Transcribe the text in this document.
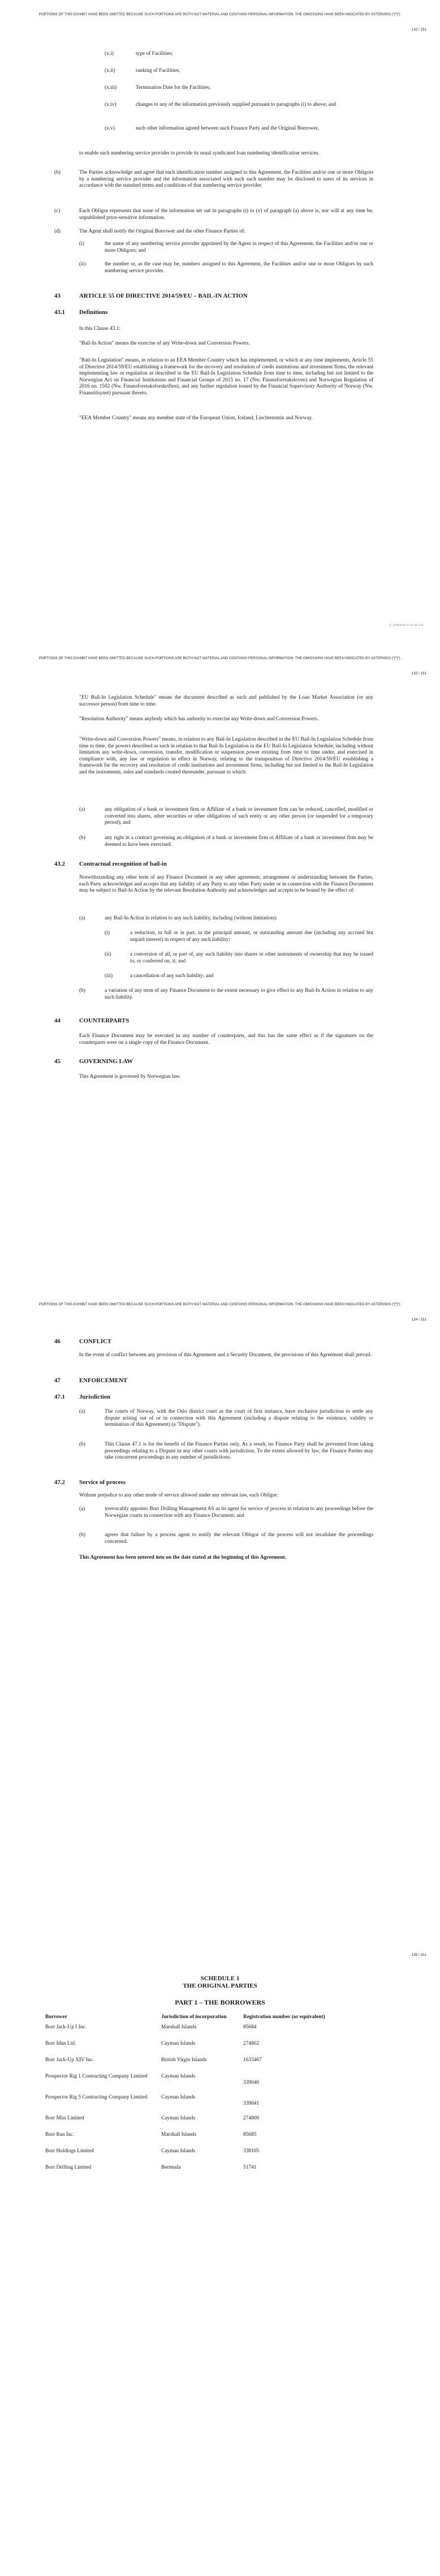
PORTIONS OF THIS EXHIBIT HAVE BEEN OMITTED BECAUSE SUCH PORTIONS ARE BOTH NOT MATERIAL AND CONTAINS PERSONAL INFORMATION. THE OMISSIONS HAVE BEEN INDICATED BY ASTERISKS ("[*]").
132 / 151

(x.i)	type of Facilities;

(x.ii)	ranking of Facilities;

(x.iii)	Termination Date for the Facilities;

(x.iv)	changes to any of the information previously supplied pursuant to paragraphs (i) to above; and

(x.v)	such other information agreed between such Finance Party and the Original Borrower,

to enable such numbering service provider to provide its usual syndicated loan numbering identification services.

(b)	The Parties acknowledge and agree that each identification number assigned to this Agreement, the Facilities and/or one or more Obligors by a numbering service provider and the information associated with each such number may be disclosed to users of its services in accordance with the standard terms and conditions of that numbering service provider.

(c)	Each Obligor represents that none of the information set out in paragraphs (i) to (v) of paragraph (a) above is, nor will at any time be, unpublished price-sensitive information.

(d)	The Agent shall notify the Original Borrower and the other Finance Parties of:

(i)	the name of any numbering service provider appointed by the Agent in respect of this Agreement, the Facilities and/or one or more Obligors; and

(ii)	the number or, as the case may be, numbers assigned to this Agreement, the Facilities and/or one or more Obligors by such numbering service provider.

43	ARTICLE 55 OF DIRECTIVE 2014/59/EU – BAIL-IN ACTION

43.1 Definitions

In this Clause 43.1:

"Bail-In Action" means the exercise of any Write-down and Conversion Powers.

"Bail-In Legislation" means, in relation to an EEA Member Country which has implemented, or which at any time implements, Article 55 of Directive 2014/59/EU establishing a framework for the recovery and resolution of credit institutions and investment firms, the relevant implementing law or regulation as described in the EU Bail-In Legislation Schedule from time to time, including but not limited to the Norwegian Act on Financial Institutions and Financial Groups of 2015 no. 17 (Nw. Finansforetaksloven) and Norwegian Regulation of 2016 no. 1502 (Nw. Finansforetaksforskriften), and any further regulation issued by the Financial Supervisory Authority of Norway (Nw. Finanstilsynet) pursuant thereto.

"EEA Member Country" means any member state of the European Union, Iceland, Liechtenstein and Norway.

[L_0723/24.56.17.22.431-1.0]
PORTIONS OF THIS EXHIBIT HAVE BEEN OMITTED BECAUSE SUCH PORTIONS ARE BOTH NOT MATERIAL AND CONTAINS PERSONAL INFORMATION. THE OMISSIONS HAVE BEEN INDICATED BY ASTERISKS ("[*]").
133 / 151

"EU Bail-In Legislation Schedule" means the document described as such and published by the Loan Market Association (or any successor person) from time to time.

"Resolution Authority" means anybody which has authority to exercise any Write-down and Conversion Powers.

"Write-down and Conversion Powers" means, in relation to any Bail-In Legislation described in the EU Bail-In Legislation Schedule from time to time, the powers described as such in relation to that Bail-In Legislation in the EU Bail-In Legislation Schedule, including without limitation any write-down, conversion, transfer, modification or suspension power existing from time to time under, and exercised in compliance with, any law or regulation in effect in Norway, relating to the transposition of Directive 2014/59/EU establishing a framework for the recovery and resolution of credit institutions and investment firms, including but not limited to the Bail-In Legislation and the instruments, rules and standards created thereunder, pursuant to which:

(a)	any obligation of a bank or investment firm or Affiliate of a bank or investment firm can be reduced, cancelled, modified or converted into shares, other securities or other obligations of such entity or any other person (or suspended for a temporary period); and

(b)	any right in a contract governing an obligation of a bank or investment firm or Affiliate of a bank or investment firm may be deemed to have been exercised.

43.2 Contractual recognition of bail-in

Notwithstanding any other term of any Finance Document or any other agreement, arrangement or understanding between the Parties, each Party acknowledges and accepts that any liability of any Party to any other Party under or in connection with the Finance Documents may be subject to Bail-In Action by the relevant Resolution Authority and acknowledges and accepts to be bound by the effect of:

(a)	any Bail-In Action in relation to any such liability, including (without limitation):

(i)	a reduction, in full or in part, in the principal amount, or outstanding amount due (including any accrued but unpaid interest) in respect of any such liability;

(ii)	a conversion of all, or part of, any such liability into shares or other instruments of ownership that may be issued to, or conferred on, it; and

(iii)	a cancellation of any such liability; and

(b)	a variation of any term of any Finance Document to the extent necessary to give effect to any Bail-In Action in relation to any such liability.

44	COUNTERPARTS

Each Finance Document may be executed in any number of counterparts, and this has the same effect as if the signatures on the counterparts were on a single copy of the Finance Document.

45	GOVERNING LAW

This Agreement is governed by Norwegian law.

PORTIONS OF THIS EXHIBIT HAVE BEEN OMITTED BECAUSE SUCH PORTIONS ARE BOTH NOT MATERIAL AND CONTAINS PERSONAL INFORMATION. THE OMISSIONS HAVE BEEN INDICATED BY ASTERISKS ("[*]").
134 / 151

46	CONFLICT

In the event of conflict between any provision of this Agreement and a Security Document, the provisions of this Agreement shall prevail.

47	ENFORCEMENT

47.1 Jurisdiction

(a)	The courts of Norway, with the Oslo district court as the court of first instance, have exclusive jurisdiction to settle any dispute arising out of or in connection with this Agreement (including a dispute relating to the existence, validity or termination of this Agreement) (a "Dispute").

(b)	This Clause 47.1 is for the benefit of the Finance Parties only. As a result, no Finance Party shall be prevented from taking proceedings relating to a Dispute in any other courts with jurisdiction. To the extent allowed by law, the Finance Parties may take concurrent proceedings in any number of jurisdictions.

47.2 Service of process

Without prejudice to any other mode of service allowed under any relevant law, each Obligor:

(a)	irrevocably appoints Borr Drilling Management AS as its agent for service of process in relation to any proceedings before the Norwegian courts in connection with any Finance Document; and

(b)	agrees that failure by a process agent to notify the relevant Obligor of the process will not invalidate the proceedings concerned.

This Agreement has been entered into on the date stated at the beginning of this Agreement.

135 / 151

SCHEDULE 1

THE ORIGINAL PARTIES

PART 1 – THE BORROWERS

Borrower	Jurisdiction of incorporation	Registration number (or equivalent)
Borr Jack-Up I Inc.	Marshall Islands	85684
Borr Idun Ltd.	Cayman Islands	274802
Borr Jack-Up XIV Inc.	British Virgin Islands	1633467
Prospector Rig 1 Contracting Company Limited	Cayman Islands	339040
Prospector Rig 5 Contracting Company Limited	Cayman Islands	339041
Borr Mist Limited	Cayman Islands	274800
Borr Ran Inc.	Marshall Islands	85685
Borr Holdings Limited	Cayman Islands	338105
Borr Drilling Limited	Bermuda	51741
